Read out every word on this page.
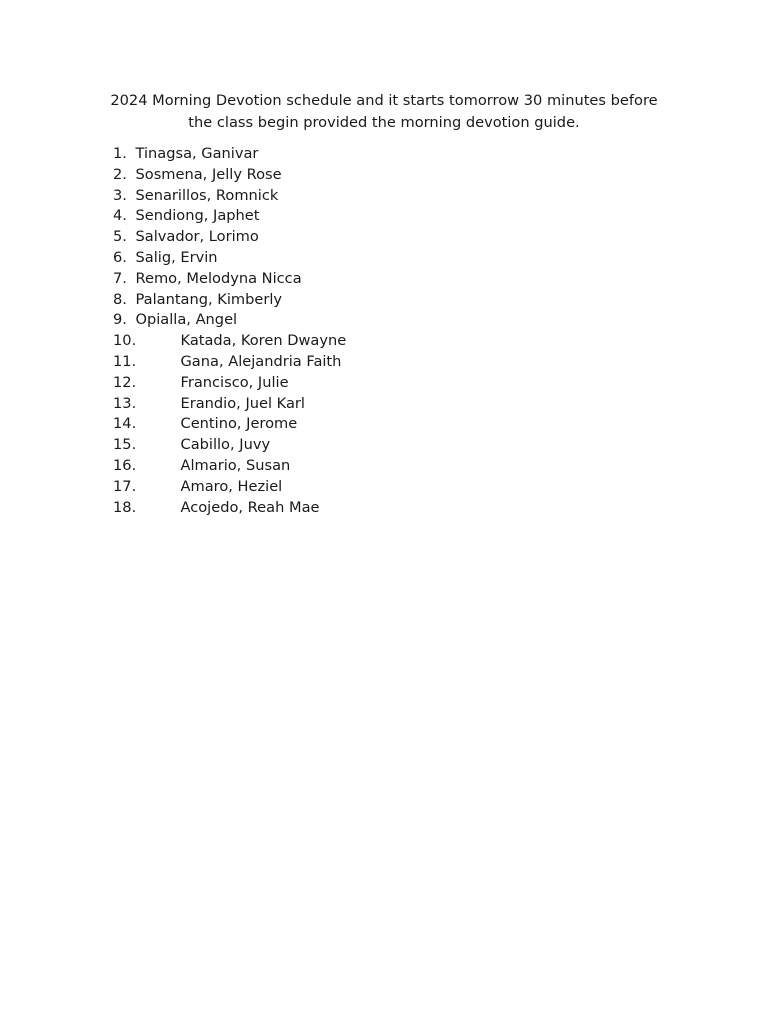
2024 Morning Devotion schedule and it starts tomorrow 30 minutes before
the class begin provided the morning devotion guide.

1. Tinagsa, Ganivar
2. Sosmena, Jelly Rose
3. Senarillos, Romnick
4. Sendiong, Japhet
5. Salvador, Lorimo
6. Salig, Ervin
7. Remo, Melodyna Nicca
8. Palantang, Kimberly
9. Opialla, Angel
10.	Katada, Koren Dwayne
11.	Gana, Alejandria Faith
12.	Francisco, Julie
13.	Erandio, Juel Karl
14.	Centino, Jerome
15.	Cabillo, Juvy
16.	Almario, Susan
17.	Amaro, Heziel
18.	Acojedo, Reah Mae
